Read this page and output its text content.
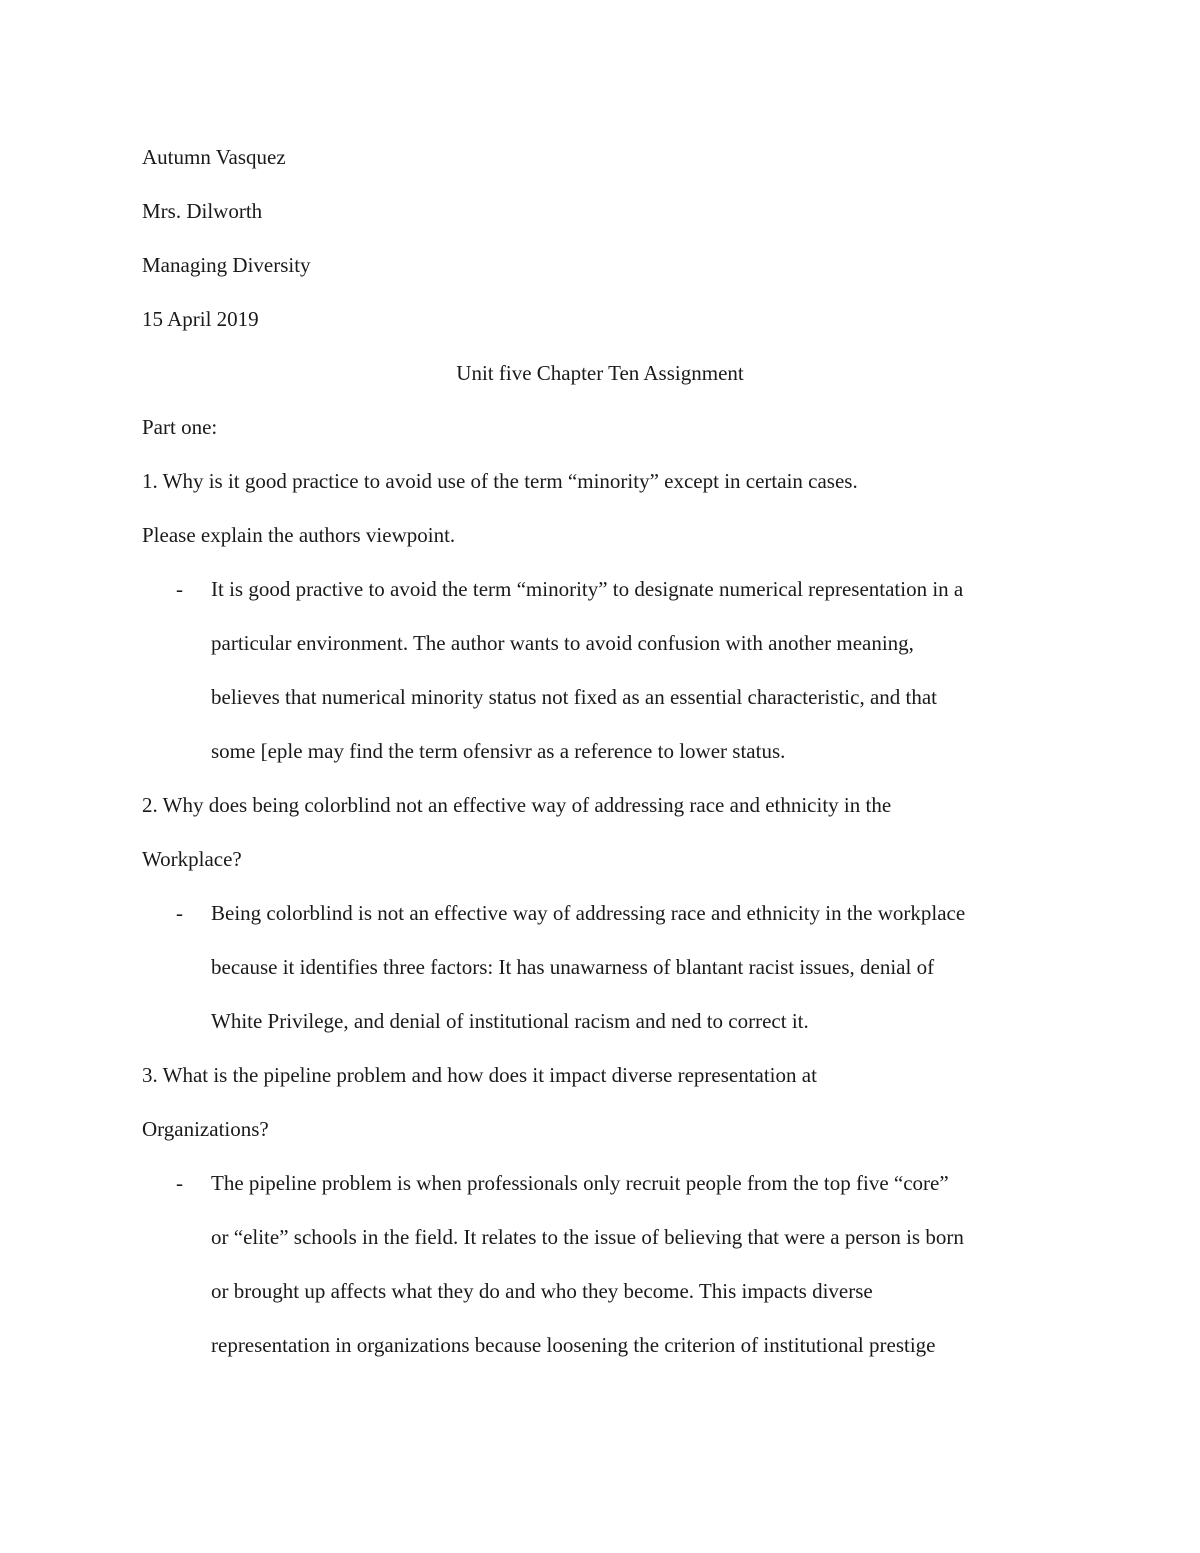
Autumn Vasquez
Mrs. Dilworth
Managing Diversity
15 April 2019
Unit five Chapter Ten Assignment
Part one:
1. Why is it good practice to avoid use of the term “minority” except in certain cases.
Please explain the authors viewpoint.
- It is good practive to avoid the term “minority” to designate numerical representation in a
particular environment. The author wants to avoid confusion with another meaning,
believes that numerical minority status not fixed as an essential characteristic, and that
some [eple may find the term ofensivr as a reference to lower status.
2. Why does being colorblind not an effective way of addressing race and ethnicity in the
Workplace?
- Being colorblind is not an effective way of addressing race and ethnicity in the workplace
because it identifies three factors: It has unawarness of blantant racist issues, denial of
White Privilege, and denial of institutional racism and ned to correct it.
3. What is the pipeline problem and how does it impact diverse representation at
Organizations?
- The pipeline problem is when professionals only recruit people from the top five “core”
or “elite” schools in the field. It relates to the issue of believing that were a person is born
or brought up affects what they do and who they become. This impacts diverse
representation in organizations because loosening the criterion of institutional prestige
